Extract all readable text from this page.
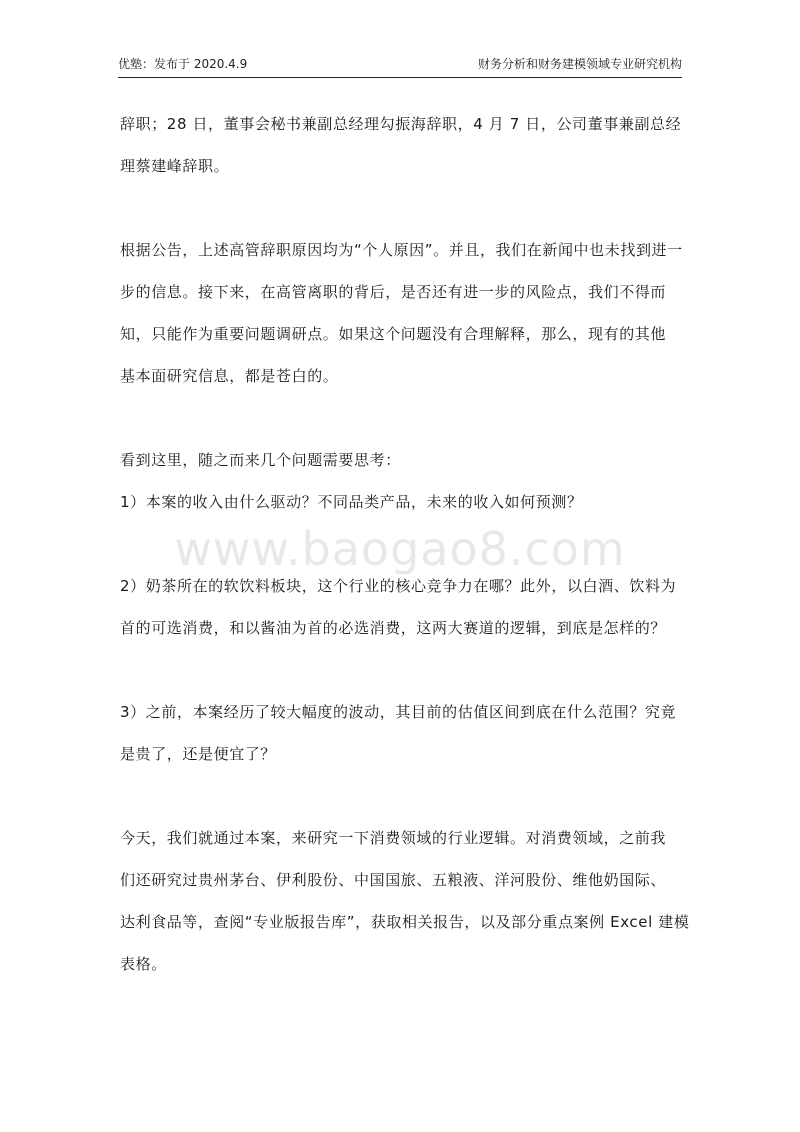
优塾：发布于 2020.4.9	财务分析和财务建模领域专业研究机构
www.baogao8.com
辞职；28 日，董事会秘书兼副总经理勾振海辞职，4 月 7 日，公司董事兼副总经
理蔡建峰辞职。
根据公告，上述高管辞职原因均为“个人原因”。并且，我们在新闻中也未找到进一
步的信息。接下来，在高管离职的背后，是否还有进一步的风险点，我们不得而
知，只能作为重要问题调研点。如果这个问题没有合理解释，那么，现有的其他
基本面研究信息，都是苍白的。
看到这里，随之而来几个问题需要思考：
1）本案的收入由什么驱动？不同品类产品，未来的收入如何预测？
2）奶茶所在的软饮料板块，这个行业的核心竞争力在哪？此外，以白酒、饮料为
首的可选消费，和以酱油为首的必选消费，这两大赛道的逻辑，到底是怎样的？
3）之前，本案经历了较大幅度的波动，其目前的估值区间到底在什么范围？究竟
是贵了，还是便宜了？
今天，我们就通过本案，来研究一下消费领域的行业逻辑。对消费领域，之前我
们还研究过贵州茅台、伊利股份、中国国旅、五粮液、洋河股份、维他奶国际、
达利食品等，查阅“专业版报告库”，获取相关报告，以及部分重点案例 Excel 建模
表格。
